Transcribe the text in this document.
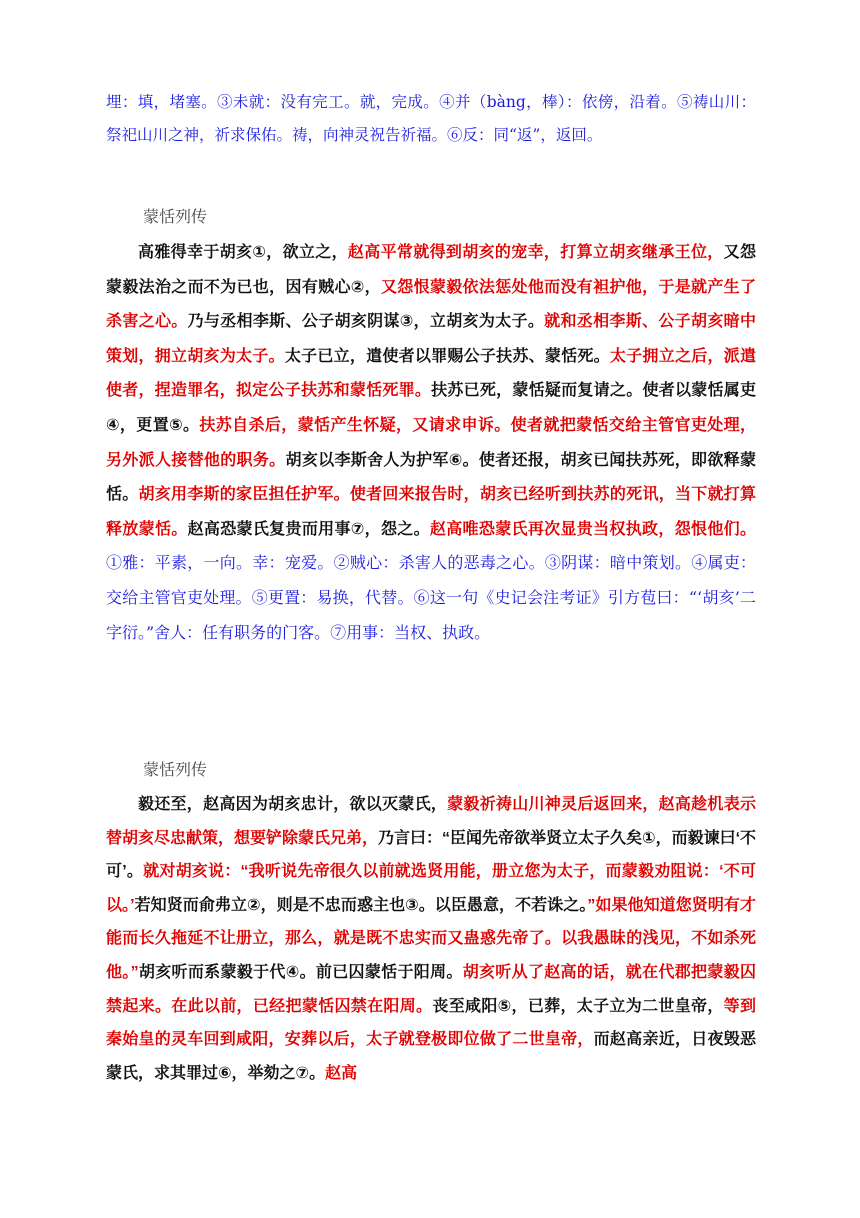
埋：填，堵塞。③未就：没有完工。就，完成。④并（bàng，棒）：依傍，沿着。⑤祷山川：祭祀山川之神，祈求保佑。祷，向神灵祝告祈福。⑥反：同“返”，返回。
蒙恬列传

高雅得幸于胡亥①，欲立之，赵高平常就得到胡亥的宠幸，打算立胡亥继承王位，又怨蒙毅法治之而不为已也，因有贼心②，又怨恨蒙毅依法惩处他而没有袒护他，于是就产生了杀害之心。乃与丞相李斯、公子胡亥阴谋③，立胡亥为太子。就和丞相李斯、公子胡亥暗中策划，拥立胡亥为太子。太子已立，遣使者以罪赐公子扶苏、蒙恬死。太子拥立之后，派遣使者，捏造罪名，拟定公子扶苏和蒙恬死罪。扶苏已死，蒙恬疑而复请之。使者以蒙恬属吏④，更置⑤。扶苏自杀后，蒙恬产生怀疑，又请求申诉。使者就把蒙恬交给主管官吏处理，另外派人接替他的职务。胡亥以李斯舍人为护军⑥。使者还报，胡亥已闻扶苏死，即欲释蒙恬。胡亥用李斯的家臣担任护军。使者回来报告时，胡亥已经听到扶苏的死讯，当下就打算释放蒙恬。赵高恐蒙氏复贵而用事⑦，怨之。赵高唯恐蒙氏再次显贵当权执政，怨恨他们。①雅：平素，一向。幸：宠爱。②贼心：杀害人的恶毒之心。③阴谋：暗中策划。④属吏：交给主管官吏处理。⑤更置：易换，代替。⑥这一句《史记会注考证》引方苞曰：“‘胡亥’二字衍。”舍人：任有职务的门客。⑦用事：当权、执政。

蒙恬列传

毅还至，赵高因为胡亥忠计，欲以灭蒙氏，蒙毅祈祷山川神灵后返回来，赵高趁机表示替胡亥尽忠献策，想要铲除蒙氏兄弟，乃言曰：“臣闻先帝欲举贤立太子久矣①，而毅谏曰‘不可’。就对胡亥说：“我听说先帝很久以前就选贤用能，册立您为太子，而蒙毅劝阻说：‘不可以。’若知贤而俞弗立②，则是不忠而惑主也③。以臣愚意，不若诛之。”如果他知道您贤明有才能而长久拖延不让册立，那么，就是既不忠实而又蛊惑先帝了。以我愚昧的浅见，不如杀死他。”胡亥听而系蒙毅于代④。前已囚蒙恬于阳周。胡亥听从了赵高的话，就在代郡把蒙毅囚禁起来。在此以前，已经把蒙恬囚禁在阳周。丧至咸阳⑤，已葬，太子立为二世皇帝，等到秦始皇的灵车回到咸阳，安葬以后，太子就登极即位做了二世皇帝，而赵高亲近，日夜毁恶蒙氏，求其罪过⑥，举劾之⑦。赵高
